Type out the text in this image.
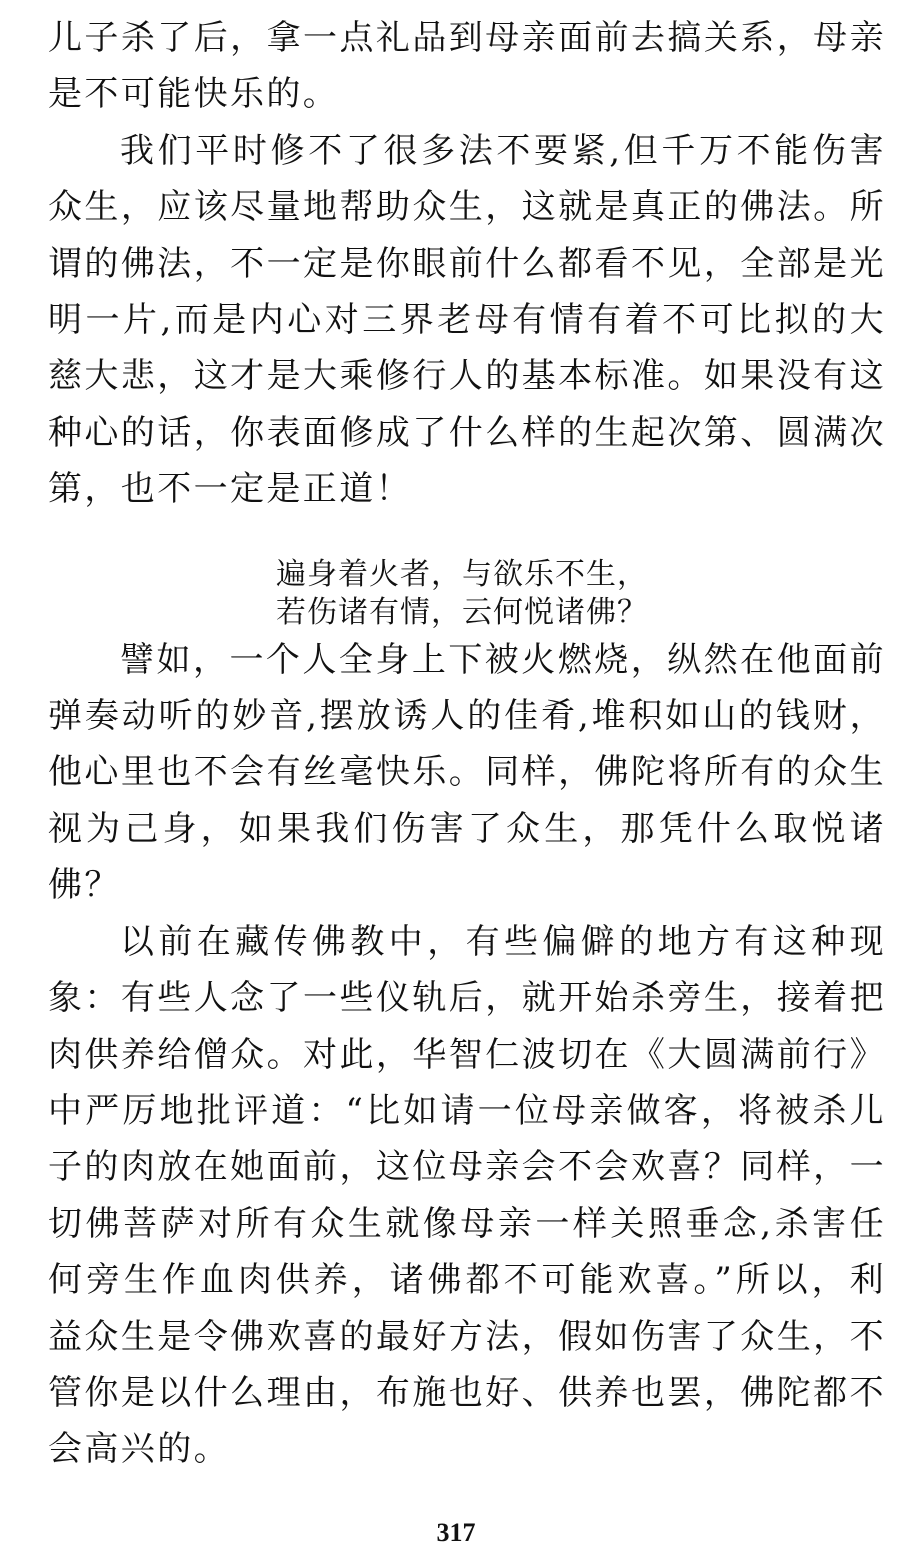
儿子杀了后，拿一点礼品到母亲面前去搞关系，母亲是不可能快乐的。

我们平时修不了很多法不要紧,但千万不能伤害众生，应该尽量地帮助众生，这就是真正的佛法。所谓的佛法，不一定是你眼前什么都看不见，全部是光明一片,而是内心对三界老母有情有着不可比拟的大慈大悲，这才是大乘修行人的基本标准。如果没有这种心的话，你表面修成了什么样的生起次第、圆满次第，也不一定是正道！

遍身着火者，与欲乐不生，
若伤诸有情，云何悦诸佛？

譬如，一个人全身上下被火燃烧，纵然在他面前弹奏动听的妙音,摆放诱人的佳肴,堆积如山的钱财，他心里也不会有丝毫快乐。同样，佛陀将所有的众生视为己身，如果我们伤害了众生，那凭什么取悦诸佛？

以前在藏传佛教中，有些偏僻的地方有这种现象：有些人念了一些仪轨后，就开始杀旁生，接着把肉供养给僧众。对此，华智仁波切在《大圆满前行》中严厉地批评道：“比如请一位母亲做客，将被杀儿子的肉放在她面前，这位母亲会不会欢喜？同样，一切佛菩萨对所有众生就像母亲一样关照垂念,杀害任何旁生作血肉供养，诸佛都不可能欢喜。”所以，利益众生是令佛欢喜的最好方法，假如伤害了众生，不管你是以什么理由，布施也好、供养也罢，佛陀都不会高兴的。

317
